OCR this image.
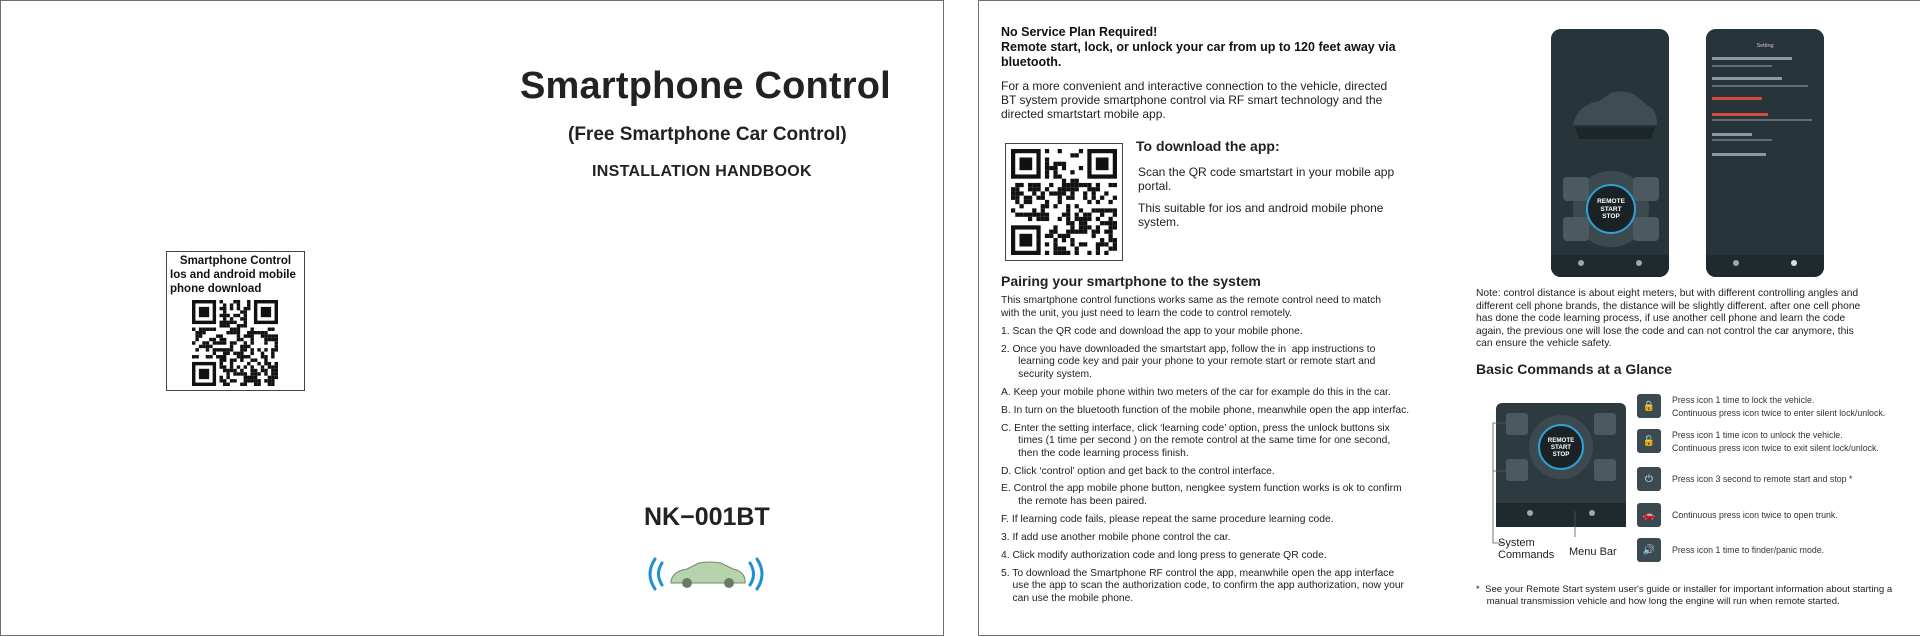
Smartphone Control
(Free Smartphone Car Control)
INSTALLATION HANDBOOK
Smartphone Control
Ios and android mobile
phone download
NK−001BT
No Service Plan Required!
Remote start, lock, or unlock your car from up to 120 feet away via
bluetooth.
For a more convenient and interactive connection to the vehicle, directed
BT system provide smartphone control via RF smart technology and the
directed smartstart mobile app.
To download the app:
Scan the QR code smartstart in your mobile app
portal.
This suitable for ios and android mobile phone
system.
Pairing your smartphone to the system
This smartphone control functions works same as the remote control need to match
with the unit, you just need to learn the code to control remotely.
1. Scan the QR code and download the app to your mobile phone.
2. Once you have downloaded the smartstart app, follow the in  app instructions to
learning code key and pair your phone to your remote start or remote start and
security system.
A. Keep your mobile phone within two meters of the car for example do this in the car.
B. In turn on the bluetooth function of the mobile phone, meanwhile open the app interfac.
C. Enter the setting interface, click ‘learning code’ option, press the unlock buttons six
times (1 time per second ) on the remote control at the same time for one second,
then the code learning process finish.
D. Click ‘control’ option and get back to the control interface.
E. Control the app mobile phone button, nengkee system function works is ok to confirm
the remote has been paired.
F. If learning code fails, please repeat the same procedure learning code.
3. If add use another mobile phone control the car.
4. Click modify authorization code and long press to generate QR code.
5. To download the Smartphone RF control the app, meanwhile open the app interface
use the app to scan the authorization code, to confirm the app authorization, now your
can use the mobile phone.
REMOTE
START
STOP
Setting
Note: control distance is about eight meters, but with different controlling angles and
different cell phone brands, the distance will be slightly different. after one cell phone
has done the code learning process, if use another cell phone and learn the code
again, the previous one will lose the code and can not control the car anymore, this
can ensure the vehicle safety.
Basic Commands at a Glance
REMOTE
START
STOP
System
Commands Menu Bar
🔒
Press icon 1 time to lock the vehicle.
Continuous press icon twice to enter silent lock/unlock.
🔓
Press icon 1 time icon to unlock the vehicle.
Continuous press icon twice to exit silent lock/unlock.
⏻	Press icon 3 second to remote start and stop *
🚗	Continuous press icon twice to open trunk.
🔊	Press icon 1 time to finder/panic mode.
*  See your Remote Start system user's guide or installer for important information about starting a
manual transmission vehicle and how long the engine will run when remote started.
